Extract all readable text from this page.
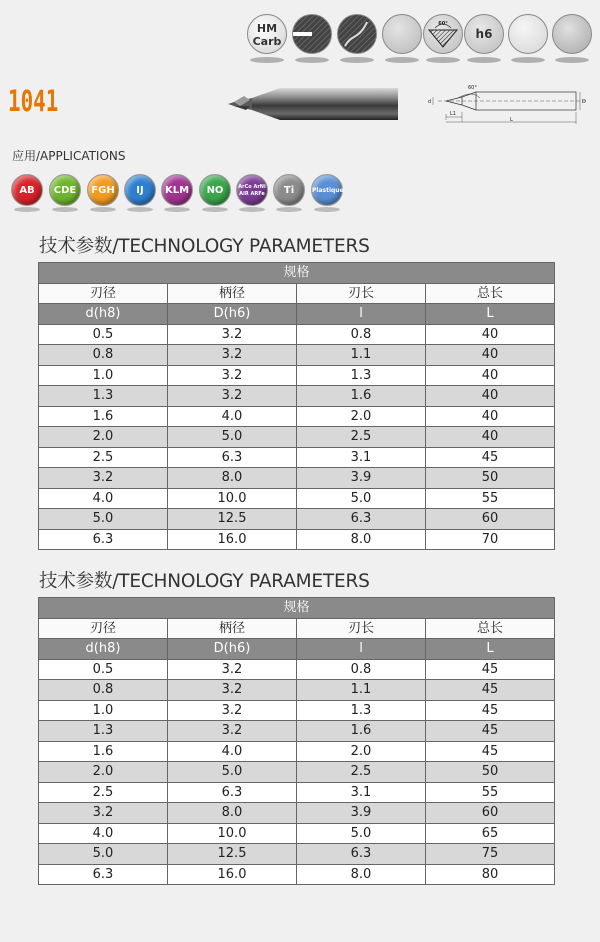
HM
Carb
60°
h6
1041	60°
L1
L
D
d
应用/APPLICATIONS
AB	CDE	FGH	IJ	KLM	NO	ArCo ArNi
AIR ARFe	Ti	Plastique
技术参数/TECHNOLOGY PARAMETERS
规格			
刃径	柄径	刃长	总长
d(h8)	D(h6)	l	L
0.5	3.2	0.8	40
0.8	3.2	1.1	40
1.0	3.2	1.3	40
1.3	3.2	1.6	40
1.6	4.0	2.0	40
2.0	5.0	2.5	40
2.5	6.3	3.1	45
3.2	8.0	3.9	50
4.0	10.0	5.0	55
5.0	12.5	6.3	60
6.3	16.0	8.0	70
技术参数/TECHNOLOGY PARAMETERS
规格			
刃径	柄径	刃长	总长
d(h8)	D(h6)	l	L
0.5	3.2	0.8	45
0.8	3.2	1.1	45
1.0	3.2	1.3	45
1.3	3.2	1.6	45
1.6	4.0	2.0	45
2.0	5.0	2.5	50
2.5	6.3	3.1	55
3.2	8.0	3.9	60
4.0	10.0	5.0	65
5.0	12.5	6.3	75
6.3	16.0	8.0	80
